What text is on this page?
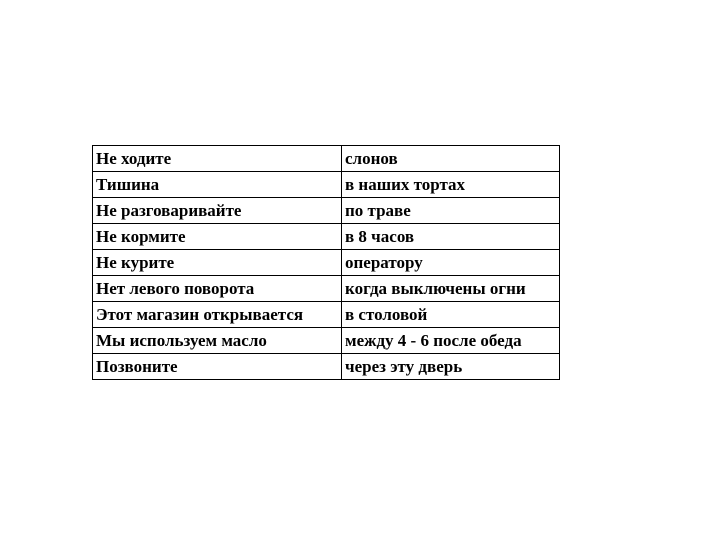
Не ходите	слонов
Тишина	в наших тортах
Не разговаривайте	по траве
Не кормите	в 8 часов
Не курите	оператору
Нет левого поворота	когда выключены огни
Этот магазин открывается	в столовой
Мы используем масло	между 4 - 6 после обеда
Позвоните	через эту дверь
